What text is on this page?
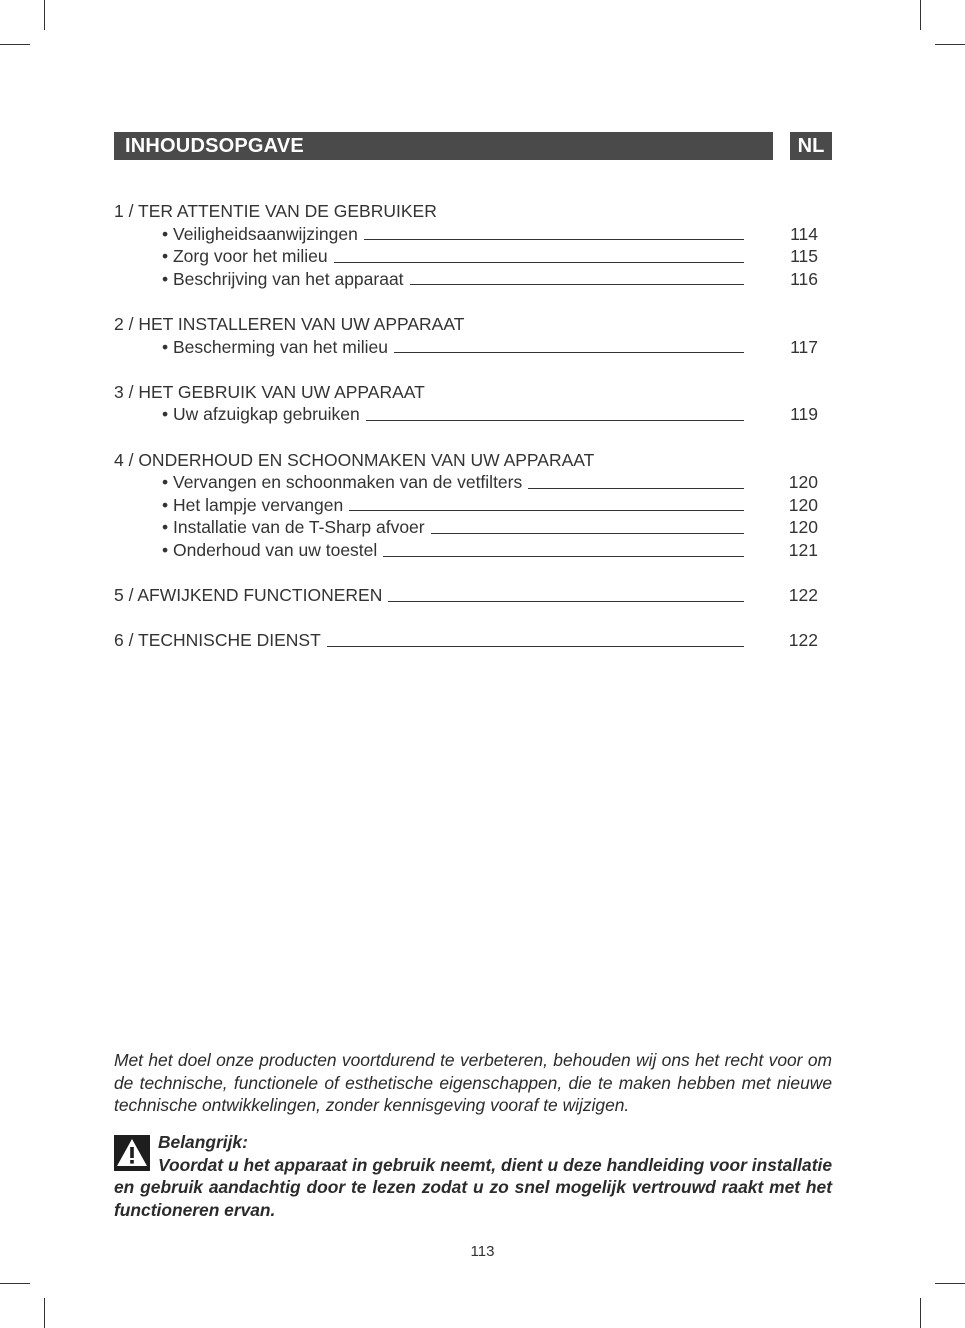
INHOUDSOPGAVE	NL
1 / TER ATTENTIE VAN DE GEBRUIKER
• Veiligheidsaanwijzingen	114
• Zorg voor het milieu	115
• Beschrijving van het apparaat	116
2 / HET INSTALLEREN VAN UW APPARAAT
• Bescherming van het milieu	117
3 / HET GEBRUIK VAN UW APPARAAT
• Uw afzuigkap gebruiken	119
4 / ONDERHOUD EN SCHOONMAKEN VAN UW APPARAAT
• Vervangen en schoonmaken van de vetfilters	120
• Het lampje vervangen	120
• Installatie van de T-Sharp afvoer	120
• Onderhoud van uw toestel	121
5 / AFWIJKEND FUNCTIONEREN	122
6 / TECHNISCHE DIENST	122
Met het doel onze producten voortdurend te verbeteren, behouden wij ons het recht voor om de technische, functionele of esthetische eigenschappen, die te maken hebben met nieuwe technische ontwikkelingen, zonder kennisgeving vooraf te wijzigen.
Belangrijk:
Voordat u het apparaat in gebruik neemt, dient u deze handleiding voor installatie en gebruik aandachtig door te lezen zodat u zo snel mogelijk vertrouwd raakt met het functioneren ervan.
113
